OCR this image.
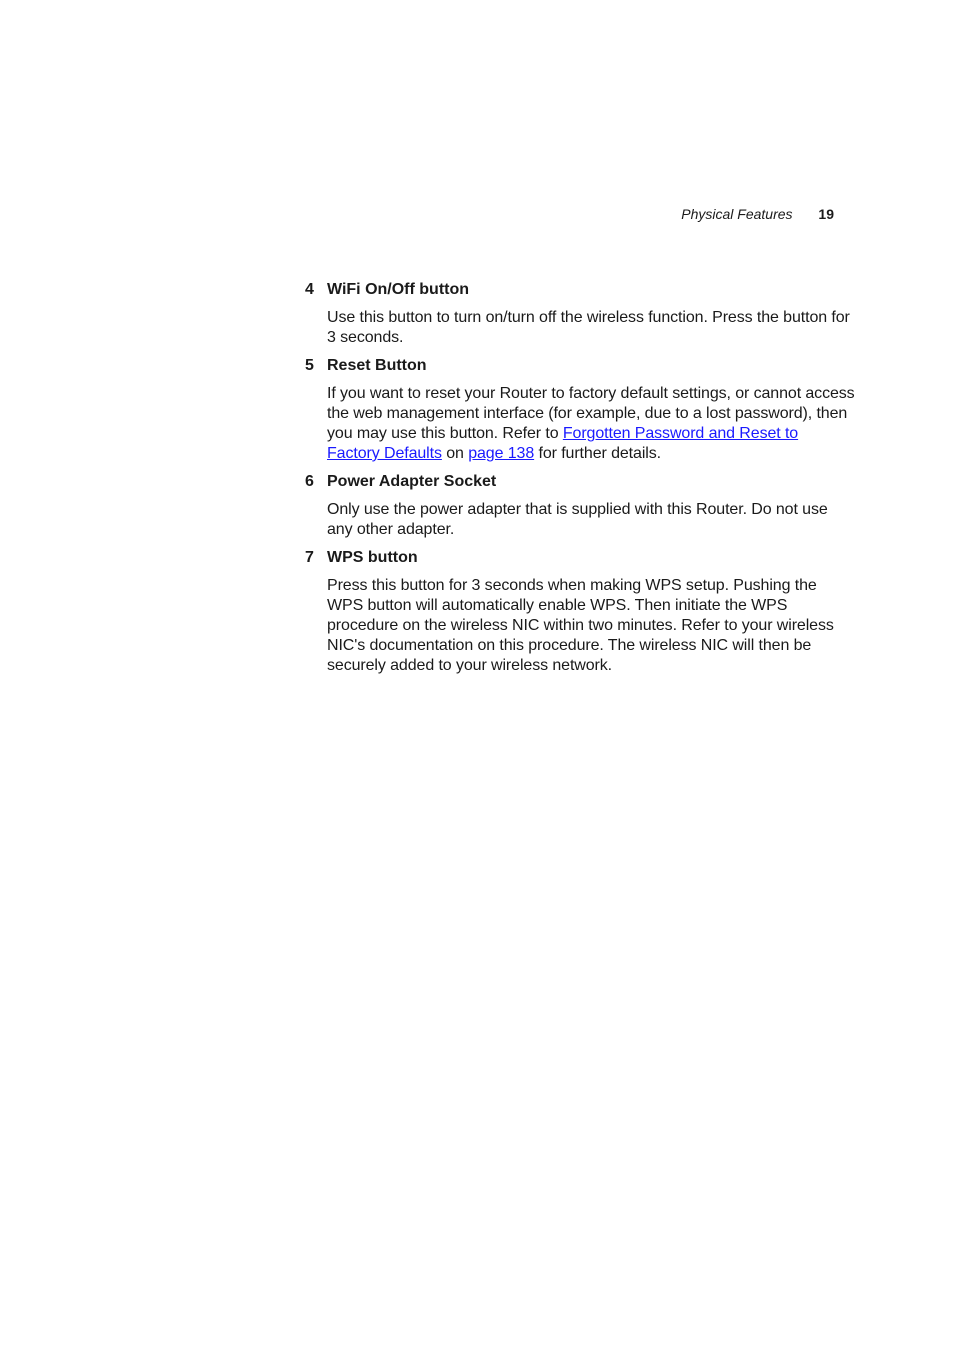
Physical Features 19
4 WiFi On/Off button
Use this button to turn on/turn off the wireless function. Press the button for 3 seconds.
5 Reset Button
If you want to reset your Router to factory default settings, or cannot access the web management interface (for example, due to a lost password), then you may use this button. Refer to Forgotten Password and Reset to Factory Defaults on page 138 for further details.
6 Power Adapter Socket
Only use the power adapter that is supplied with this Router. Do not use any other adapter.
7 WPS button
Press this button for 3 seconds when making WPS setup. Pushing the WPS button will automatically enable WPS. Then initiate the WPS procedure on the wireless NIC within two minutes. Refer to your wireless NIC's documentation on this procedure. The wireless NIC will then be securely added to your wireless network.
